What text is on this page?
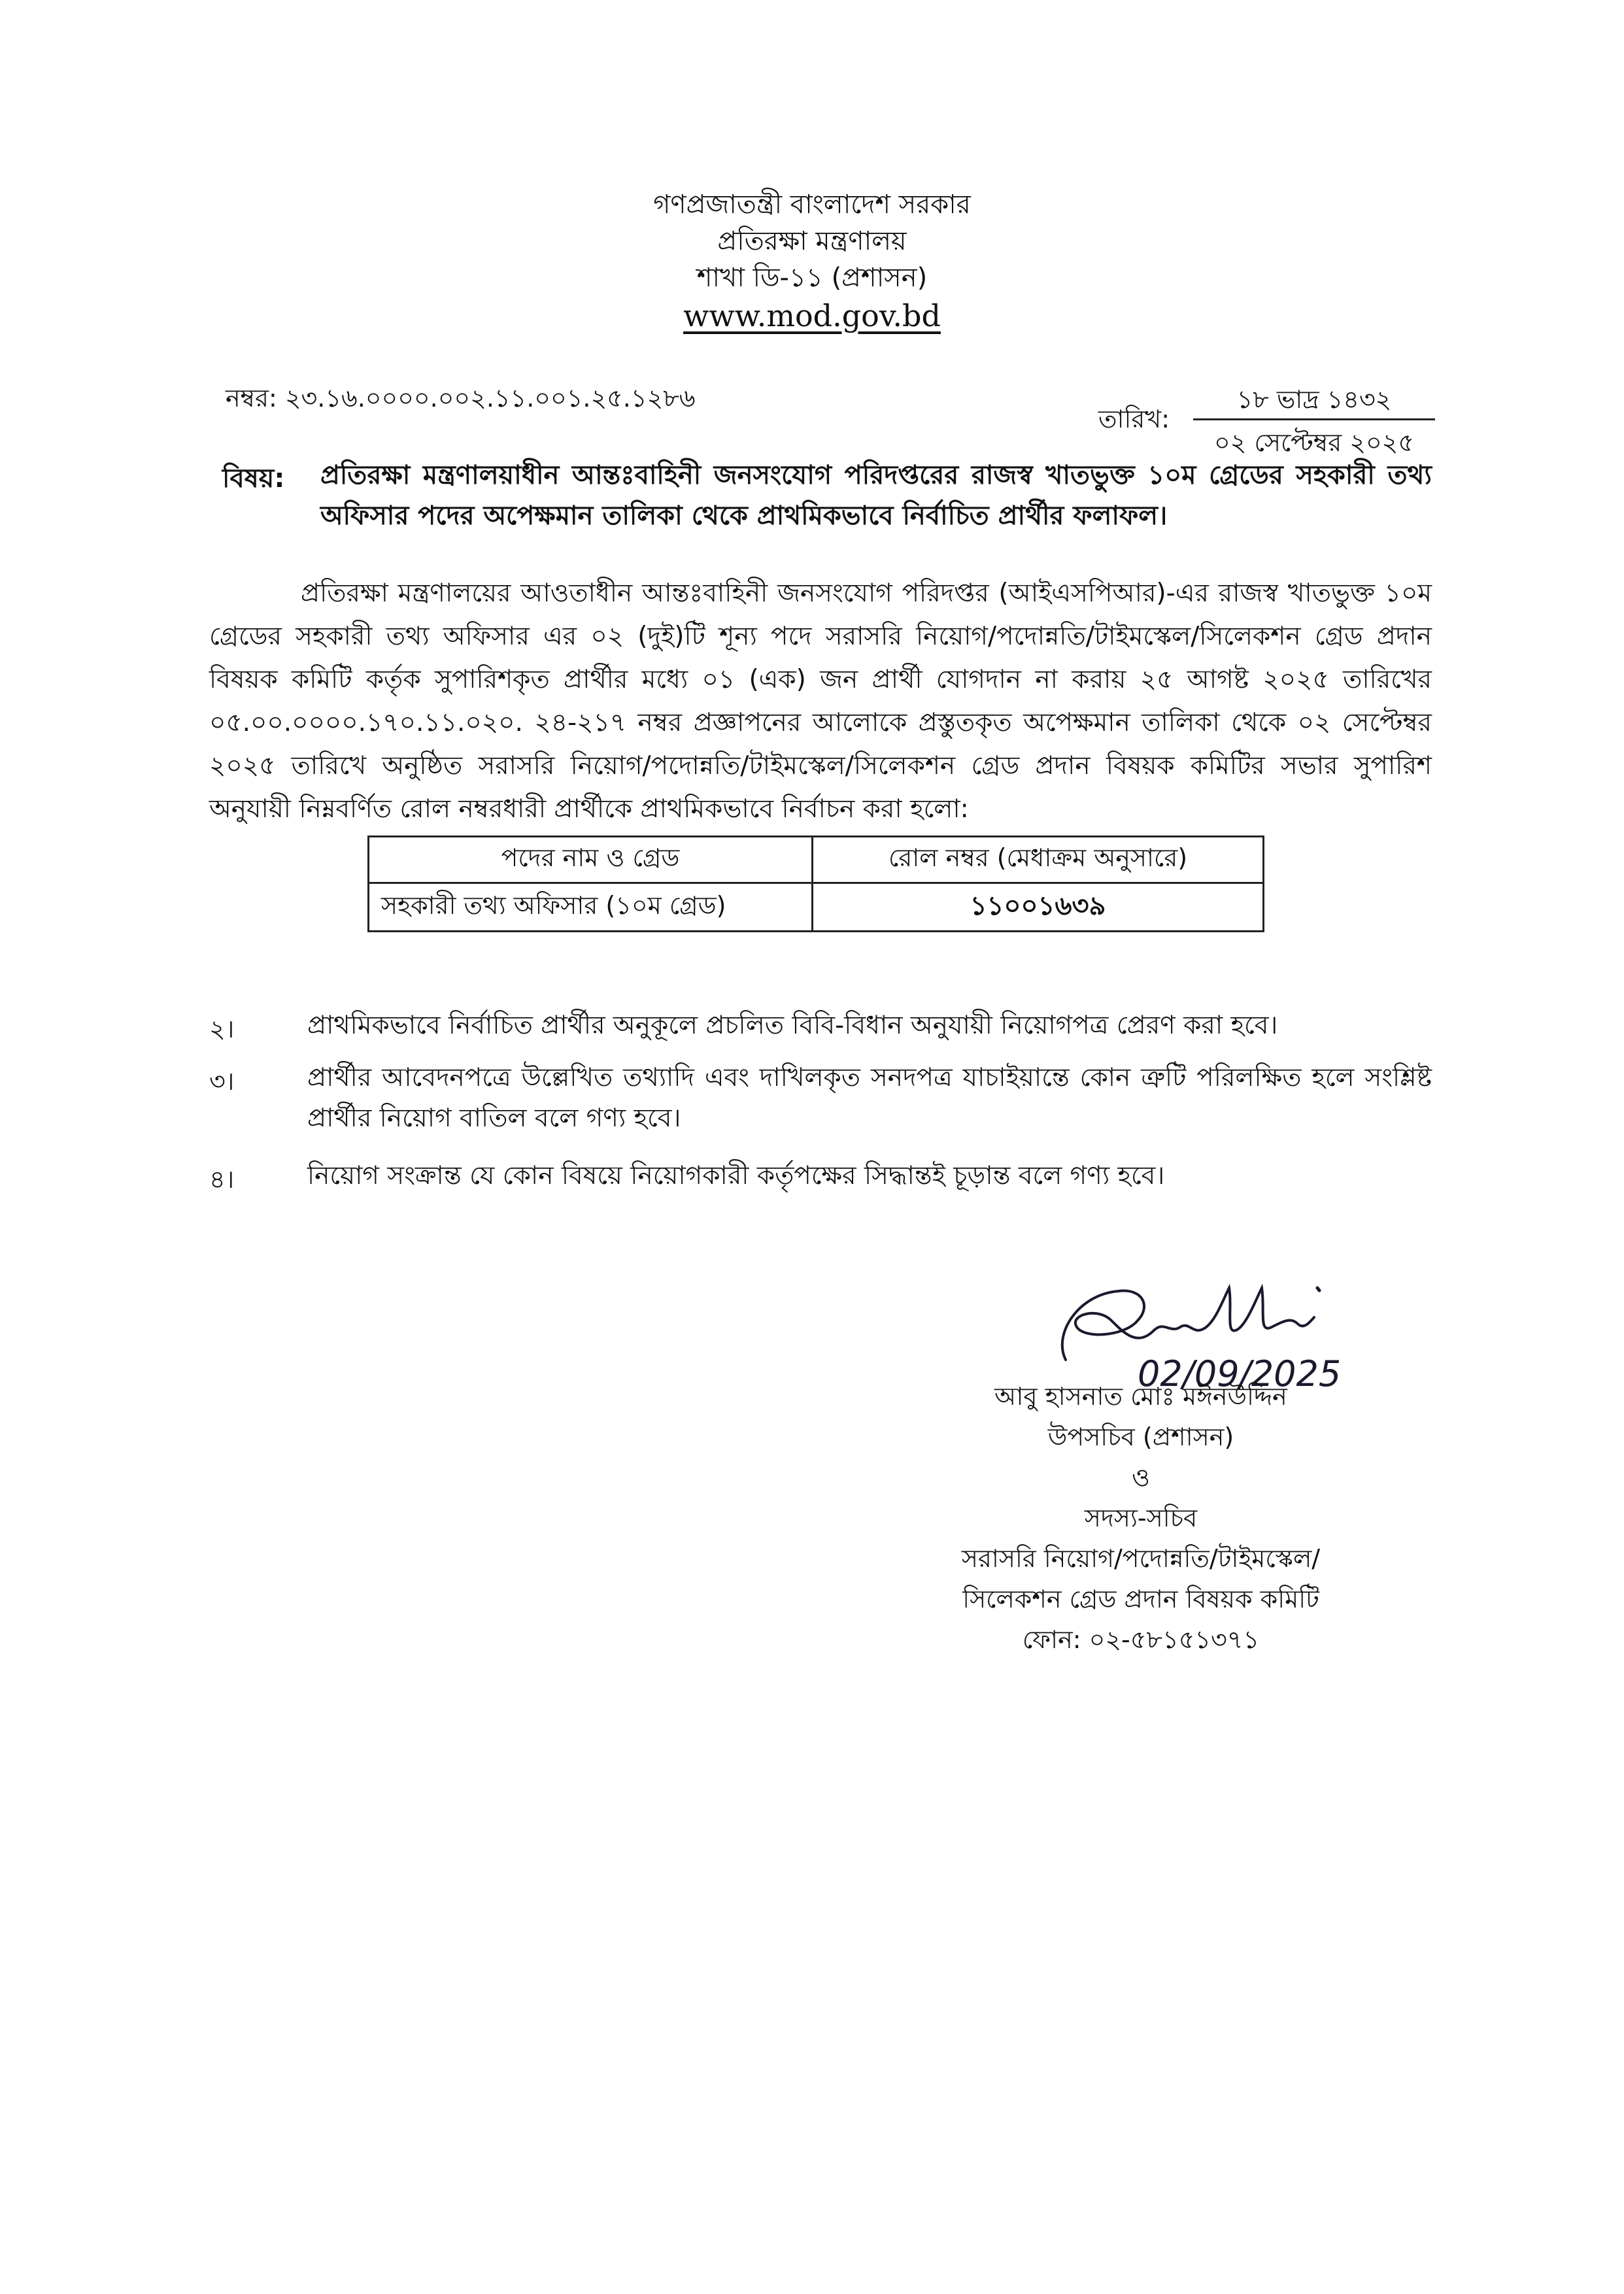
গণপ্রজাতন্ত্রী বাংলাদেশ সরকার
প্রতিরক্ষা মন্ত্রণালয়
শাখা ডি-১১ (প্রশাসন)
www.mod.gov.bd
নম্বর: ২৩.১৬.০০০০.০০২.১১.০০১.২৫.১২৮৬
তারিখ:
১৮ ভাদ্র ১৪৩২
০২ সেপ্টেম্বর ২০২৫
বিষয়: প্রতিরক্ষা মন্ত্রণালয়াধীন আন্তঃবাহিনী জনসংযোগ পরিদপ্তরের রাজস্ব খাতভুক্ত ১০ম গ্রেডের সহকারী তথ্য অফিসার পদের অপেক্ষমান তালিকা থেকে প্রাথমিকভাবে নির্বাচিত প্রার্থীর ফলাফল।
প্রতিরক্ষা মন্ত্রণালয়ের আওতাধীন আন্তঃবাহিনী জনসংযোগ পরিদপ্তর (আইএসপিআর)-এর রাজস্ব খাতভুক্ত ১০ম গ্রেডের সহকারী তথ্য অফিসার এর ০২ (দুই)টি শূন্য পদে সরাসরি নিয়োগ/পদোন্নতি/টাইমস্কেল/সিলেকশন গ্রেড প্রদান বিষয়ক কমিটি কর্তৃক সুপারিশকৃত প্রার্থীর মধ্যে ০১ (এক) জন প্রার্থী যোগদান না করায় ২৫ আগষ্ট ২০২৫ তারিখের ০৫.০০.০০০০.১৭০.১১.০২০. ২৪-২১৭ নম্বর প্রজ্ঞাপনের আলোকে প্রস্তুতকৃত অপেক্ষমান তালিকা থেকে ০২ সেপ্টেম্বর ২০২৫ তারিখে অনুষ্ঠিত সরাসরি নিয়োগ/পদোন্নতি/টাইমস্কেল/সিলেকশন গ্রেড প্রদান বিষয়ক কমিটির সভার সুপারিশ অনুযায়ী নিম্নবর্ণিত রোল নম্বরধারী প্রার্থীকে প্রাথমিকভাবে নির্বাচন করা হলো:
পদের নাম ও গ্রেড	রোল নম্বর (মেধাক্রম অনুসারে)
সহকারী তথ্য অফিসার (১০ম গ্রেড)	১১০০১৬৩৯
২।	প্রাথমিকভাবে নির্বাচিত প্রার্থীর অনুকূলে প্রচলিত বিবি-বিধান অনুযায়ী নিয়োগপত্র প্রেরণ করা হবে।
৩।	প্রার্থীর আবেদনপত্রে উল্লেখিত তথ্যাদি এবং দাখিলকৃত সনদপত্র যাচাইয়ান্তে কোন ত্রুটি পরিলক্ষিত হলে সংশ্লিষ্ট প্রার্থীর নিয়োগ বাতিল বলে গণ্য হবে।
৪।	নিয়োগ সংক্রান্ত যে কোন বিষয়ে নিয়োগকারী কর্তৃপক্ষের সিদ্ধান্তই চূড়ান্ত বলে গণ্য হবে।
02/09/2025
আবু হাসনাত মোঃ মঈনউদ্দিন
উপসচিব (প্রশাসন)
ও
সদস্য-সচিব
সরাসরি নিয়োগ/পদোন্নতি/টাইমস্কেল/
সিলেকশন গ্রেড প্রদান বিষয়ক কমিটি
ফোন: ০২-৫৮১৫১৩৭১
